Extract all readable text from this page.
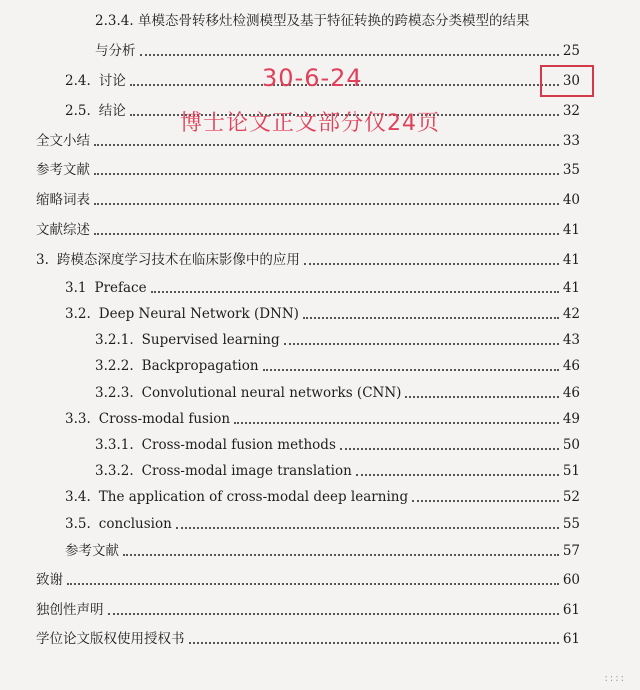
2.3.4. 单模态骨转移灶检测模型及基于特征转换的跨模态分类模型的结果
与分析	25
2.4. 讨论	30
2.5. 结论	32
全文小结	33
参考文献	35
缩略词表	40
文献综述	41
3. 跨模态深度学习技术在临床影像中的应用	41
3.1 Preface	41
3.2. Deep Neural Network (DNN)	42
3.2.1. Supervised learning	43
3.2.2. Backpropagation	46
3.2.3. Convolutional neural networks (CNN)	46
3.3. Cross-modal fusion	49
3.3.1. Cross-modal fusion methods	50
3.3.2. Cross-modal image translation	51
3.4. The application of cross-modal deep learning	52
3.5. conclusion	55
参考文献	57
致谢	60
独创性声明	61
学位论文版权使用授权书	61
30-6-24
博士论文正文部分仅24页
::::
